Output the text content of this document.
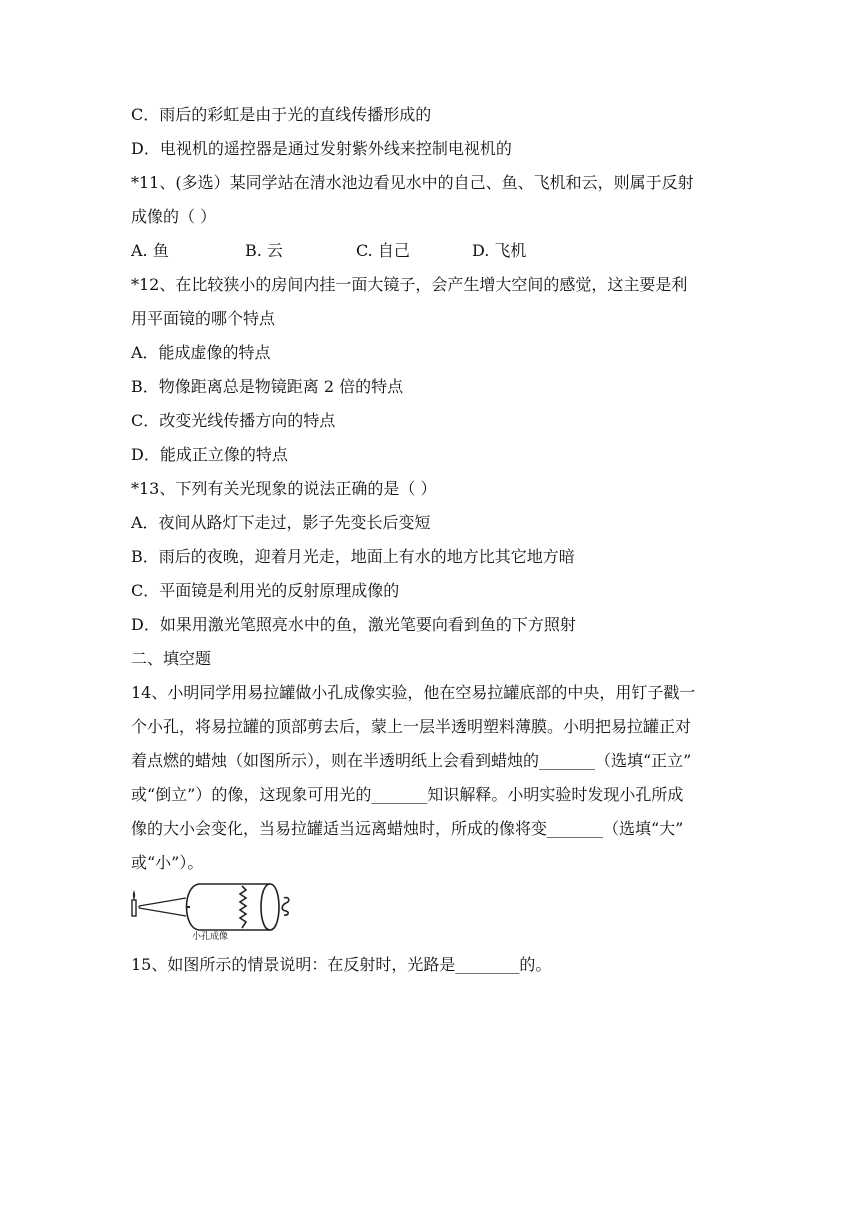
C．雨后的彩虹是由于光的直线传播形成的

D．电视机的遥控器是通过发射紫外线来控制电视机的

*11、(多选）某同学站在清水池边看见水中的自己、鱼、飞机和云，则属于反射

成像的（ ）

A. 鱼	B. 云	C. 自己	D. 飞机

*12、在比较狭小的房间内挂一面大镜子，会产生增大空间的感觉，这主要是利

用平面镜的哪个特点

A．能成虚像的特点

B．物像距离总是物镜距离 2 倍的特点

C．改变光线传播方向的特点

D．能成正立像的特点

*13、下列有关光现象的说法正确的是（ ）

A．夜间从路灯下走过，影子先变长后变短

B．雨后的夜晚，迎着月光走，地面上有水的地方比其它地方暗

C．平面镜是利用光的反射原理成像的

D．如果用激光笔照亮水中的鱼，激光笔要向看到鱼的下方照射

二、填空题

14、小明同学用易拉罐做小孔成像实验，他在空易拉罐底部的中央，用钉子戳一

个小孔，将易拉罐的顶部剪去后，蒙上一层半透明塑料薄膜。小明把易拉罐正对

着点燃的蜡烛（如图所示），则在半透明纸上会看到蜡烛的_______（选填“正立”

或“倒立”）的像，这现象可用光的_______知识解释。小明实验时发现小孔所成

像的大小会变化，当易拉罐适当远离蜡烛时，所成的像将变_______（选填“大”

或“小”）。

小孔成像

15、如图所示的情景说明：在反射时，光路是________的。
